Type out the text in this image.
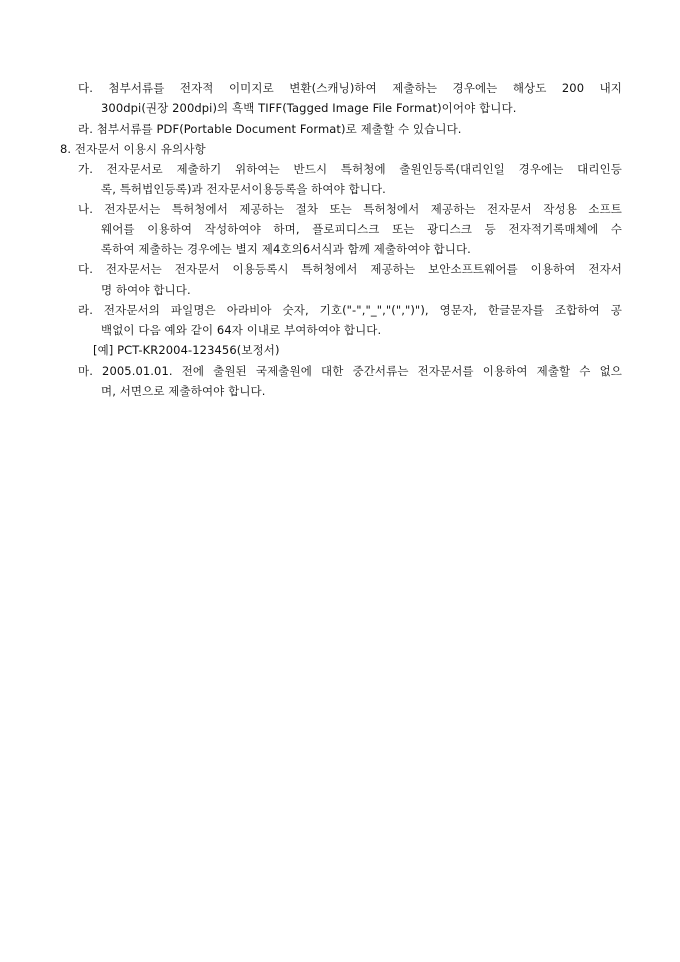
다. 첨부서류를 전자적 이미지로 변환(스캐닝)하여 제출하는 경우에는 해상도 200 내지
300dpi(권장 200dpi)의 흑백 TIFF(Tagged Image File Format)이어야 합니다.
라. 첨부서류를 PDF(Portable Document Format)로 제출할 수 있습니다.
8. 전자문서 이용시 유의사항
가. 전자문서로 제출하기 위하여는 반드시 특허청에 출원인등록(대리인일 경우에는 대리인등
록, 특허법인등록)과 전자문서이용등록을 하여야 합니다.
나. 전자문서는 특허청에서 제공하는 절차 또는 특허청에서 제공하는 전자문서 작성용 소프트
웨어를 이용하여 작성하여야 하며, 플로피디스크 또는 광디스크 등 전자적기록매체에 수
록하여 제출하는 경우에는 별지 제4호의6서식과 함께 제출하여야 합니다.
다. 전자문서는 전자문서 이용등록시 특허청에서 제공하는 보안소프트웨어를 이용하여 전자서
명 하여야 합니다.
라. 전자문서의 파일명은 아라비아 숫자, 기호("-","_","(",")"), 영문자, 한글문자를 조합하여 공
백없이 다음 예와 같이 64자 이내로 부여하여야 합니다.
[예] PCT-KR2004-123456(보정서)
마. 2005.01.01. 전에 출원된 국제출원에 대한 중간서류는 전자문서를 이용하여 제출할 수 없으
며, 서면으로 제출하여야 합니다.
